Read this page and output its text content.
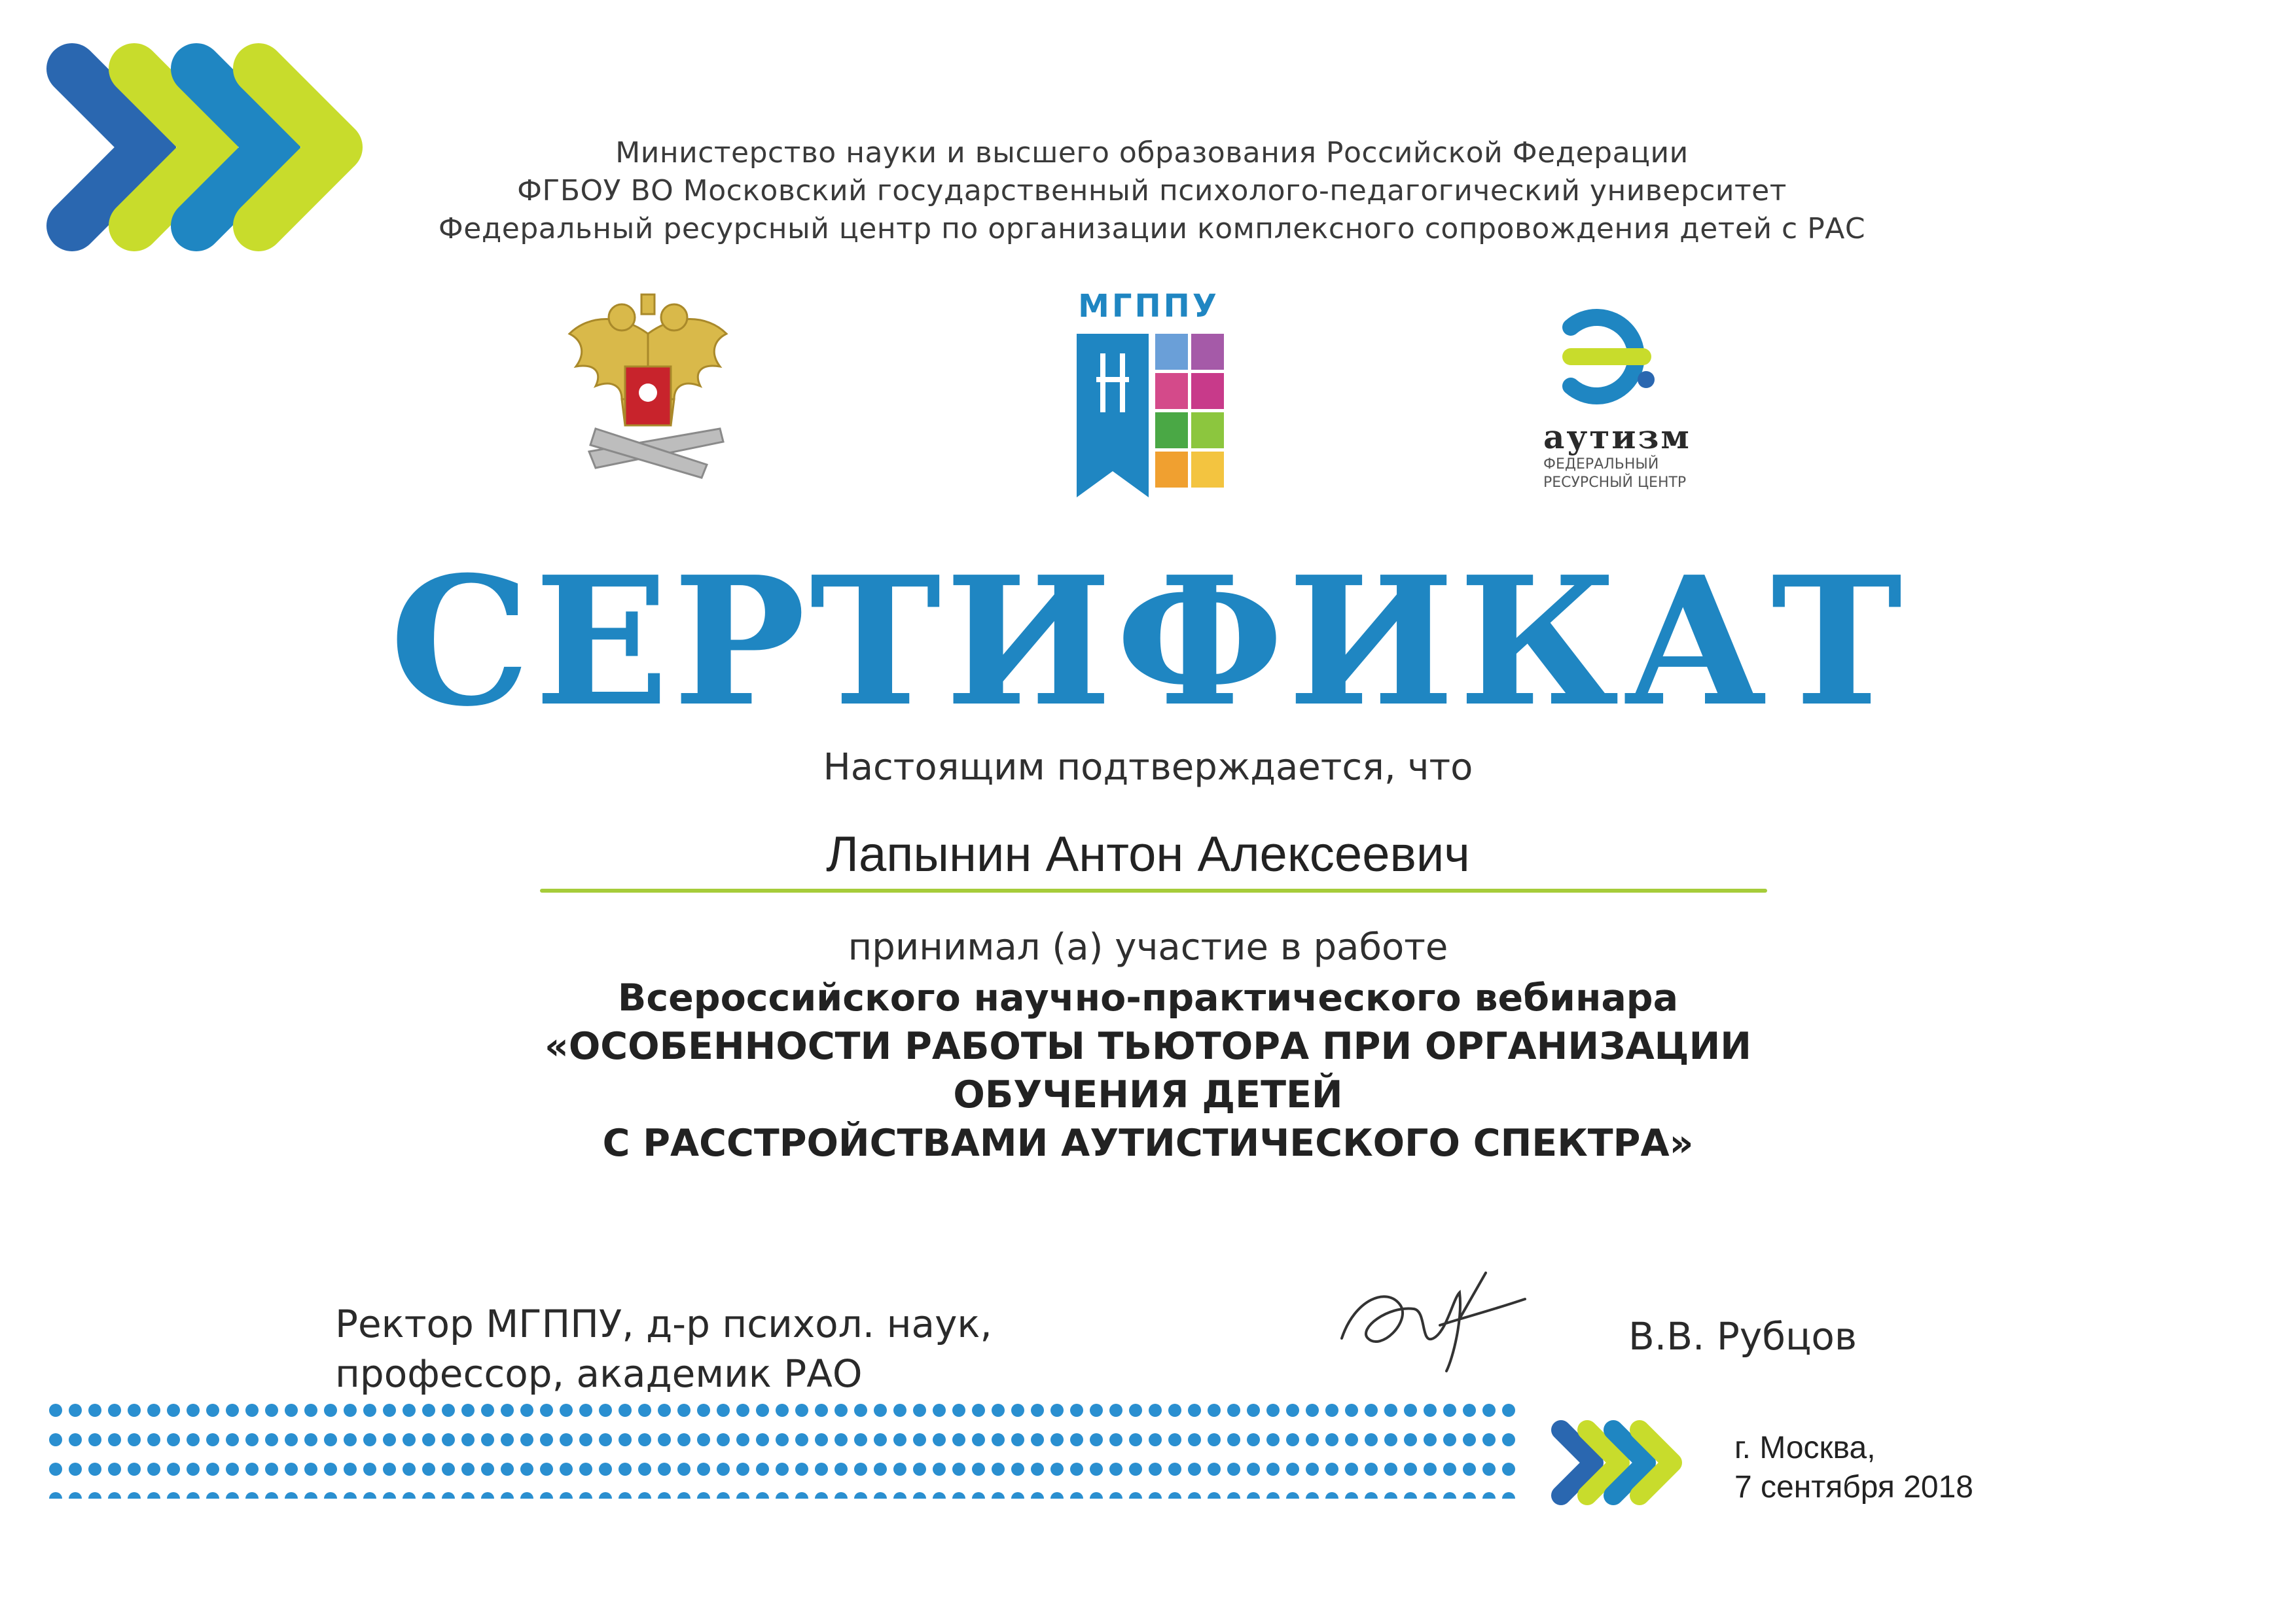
Министерство науки и высшего образования Российской Федерации
ФГБОУ ВО Московский государственный психолого-педагогический университет
Федеральный ресурсный центр по организации комплексного сопровождения детей с РАС
МГППУ
аутизм
ФЕДЕРАЛЬНЫЙ
РЕСУРСНЫЙ ЦЕНТР
СЕРТИФИКАТ
Настоящим подтверждается, что
Лапынин Антон Алексеевич
принимал (а) участие в работе
Всероссийского научно-практического вебинара
«ОСОБЕННОСТИ РАБОТЫ ТЬЮТОРА ПРИ ОРГАНИЗАЦИИ
ОБУЧЕНИЯ ДЕТЕЙ
С РАССТРОЙСТВАМИ АУТИСТИЧЕСКОГО СПЕКТРА»
Ректор МГППУ, д-р психол. наук,
профессор, академик РАО
В.В. Рубцов
г. Москва,
7 сентября 2018
